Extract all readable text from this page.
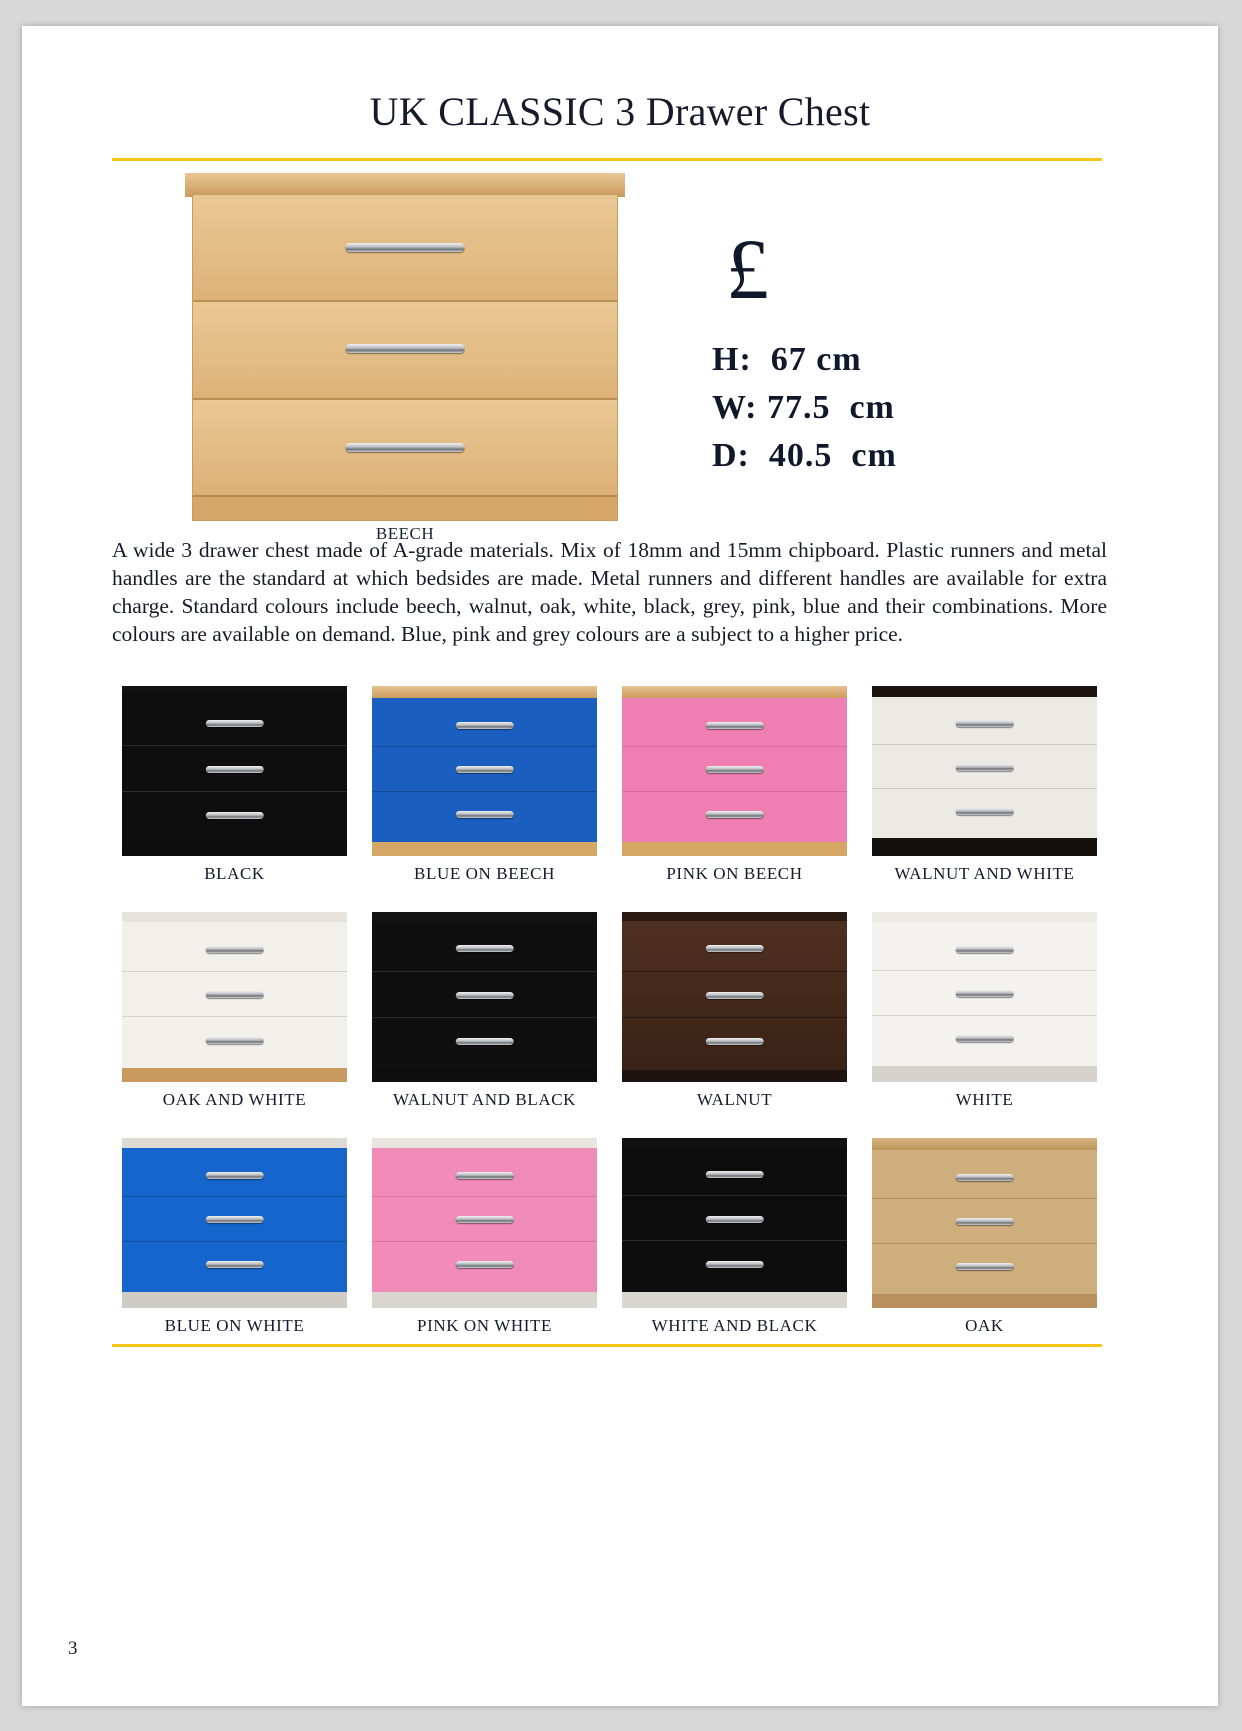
UK CLASSIC 3 Drawer Chest
BEECH
£
H:  67 cm
W: 77.5  cm
D:  40.5  cm
A wide 3 drawer chest made of A-grade materials. Mix of 18mm and 15mm chipboard. Plastic runners and metal handles are the standard at which bedsides are made. Metal runners and different handles are available for extra charge. Standard colours include beech, walnut, oak, white, black, grey, pink, blue and their combinations. More colours are available on demand. Blue, pink and grey colours are a subject to a higher price.
BLACK	BLUE ON BEECH	PINK ON BEECH	WALNUT AND WHITE
OAK AND WHITE	WALNUT AND BLACK	WALNUT	WHITE
BLUE ON WHITE	PINK ON WHITE	WHITE AND BLACK	OAK
3
